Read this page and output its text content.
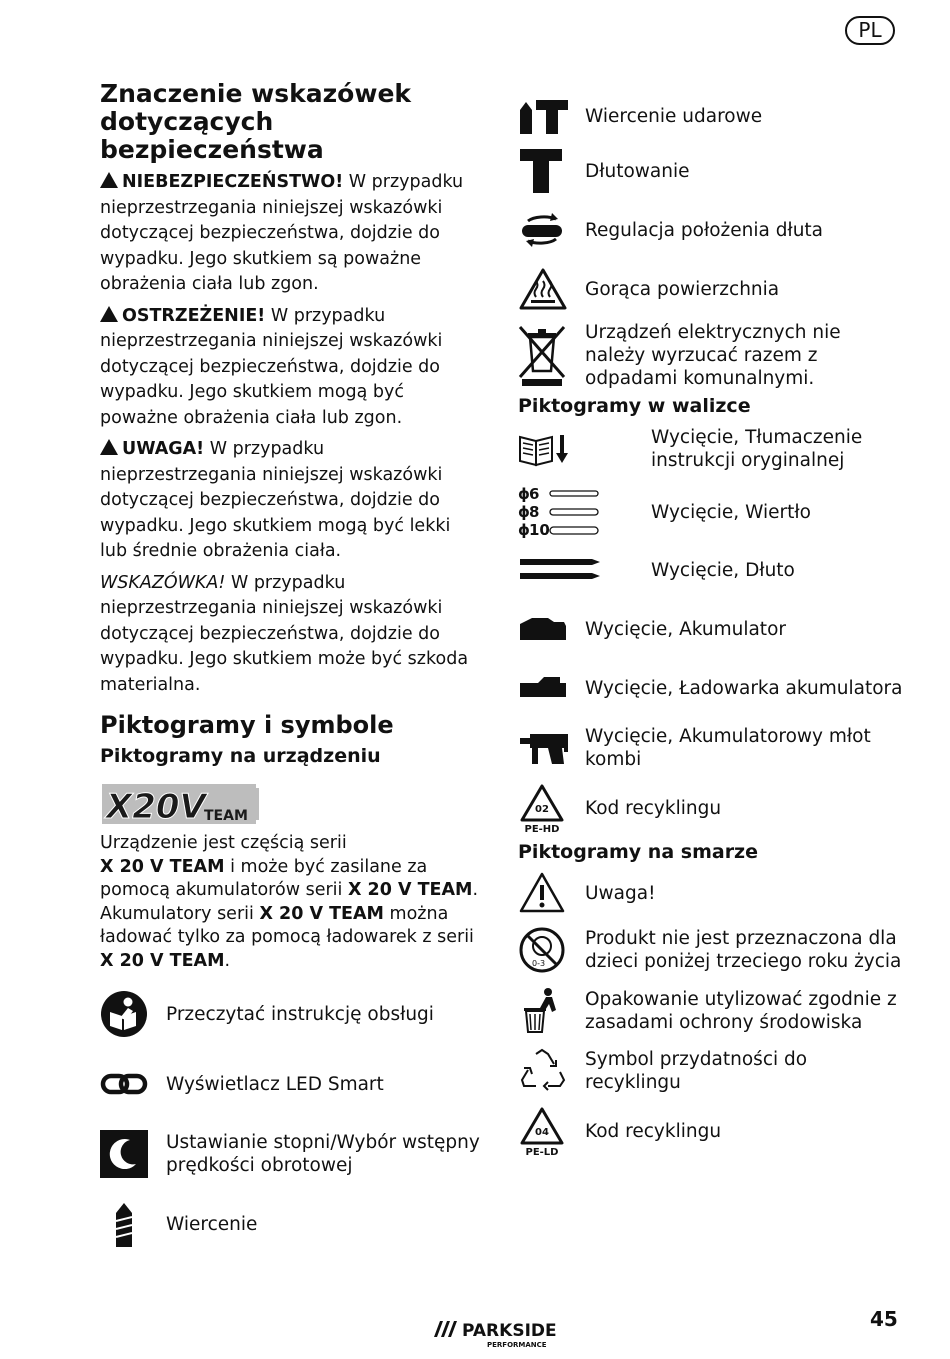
PL
Znaczenie wskazówek dotyczących bezpieczeństwa

NIEBEZPIECZEŃSTWO! W przypadku nieprzestrzegania niniejszej wskazówki dotyczącej bezpieczeństwa, dojdzie do wypadku. Jego skutkiem są poważne obrażenia ciała lub zgon.

OSTRZEŻENIE! W przypadku nieprzestrzegania niniejszej wskazówki dotyczącej bezpieczeństwa, dojdzie do wypadku. Jego skutkiem mogą być poważne obrażenia ciała lub zgon.

UWAGA! W przypadku nieprzestrzegania niniejszej wskazówki dotyczącej bezpieczeństwa, dojdzie do wypadku. Jego skutkiem mogą być lekki lub średnie obrażenia ciała.

WSKAZÓWKA! W przypadku nieprzestrzegania niniejszej wskazówki dotyczącej bezpieczeństwa, dojdzie do wypadku. Jego skutkiem może być szkoda materialna.

Piktogramy i symbole
Piktogramy na urządzeniu
X20V
TEAM
Urządzenie jest częścią serii
X 20 V TEAM i może być zasilane za pomocą akumulatorów serii X 20 V TEAM. Akumulatory serii X 20 V TEAM można ładować tylko za pomocą ładowarek z serii
X 20 V TEAM.
Przeczytać instrukcję obsługi
Wyświetlacz LED Smart
Ustawianie stopni/Wybór wstępny prędkości obrotowej
Wiercenie
Wiercenie udarowe
Dłutowanie
Regulacja położenia dłuta
Gorąca powierzchnia
Urządzeń elektrycznych nie należy wyrzucać razem z odpadami komunalnymi.
Piktogramy w walizce
Wycięcie, Tłumaczenie instrukcji oryginalnej
ϕ 6
ϕ 8
ϕ 10
Wycięcie, Wiertło
Wycięcie, Dłuto
Wycięcie, Akumulator
Wycięcie, Ładowarka akumulatora
Wycięcie, Akumulatorowy młot kombi
02
PE-HD
Kod recyklingu
Piktogramy na smarze
Uwaga!
0-3
Produkt nie jest przeznaczona dla dzieci poniżej trzeciego roku życia
Opakowanie utylizować zgodnie z zasadami ochrony środowiska
Symbol przydatności do recyklingu
04
PE-LD
Kod recyklingu
PARKSIDE
PERFORMANCE
45
